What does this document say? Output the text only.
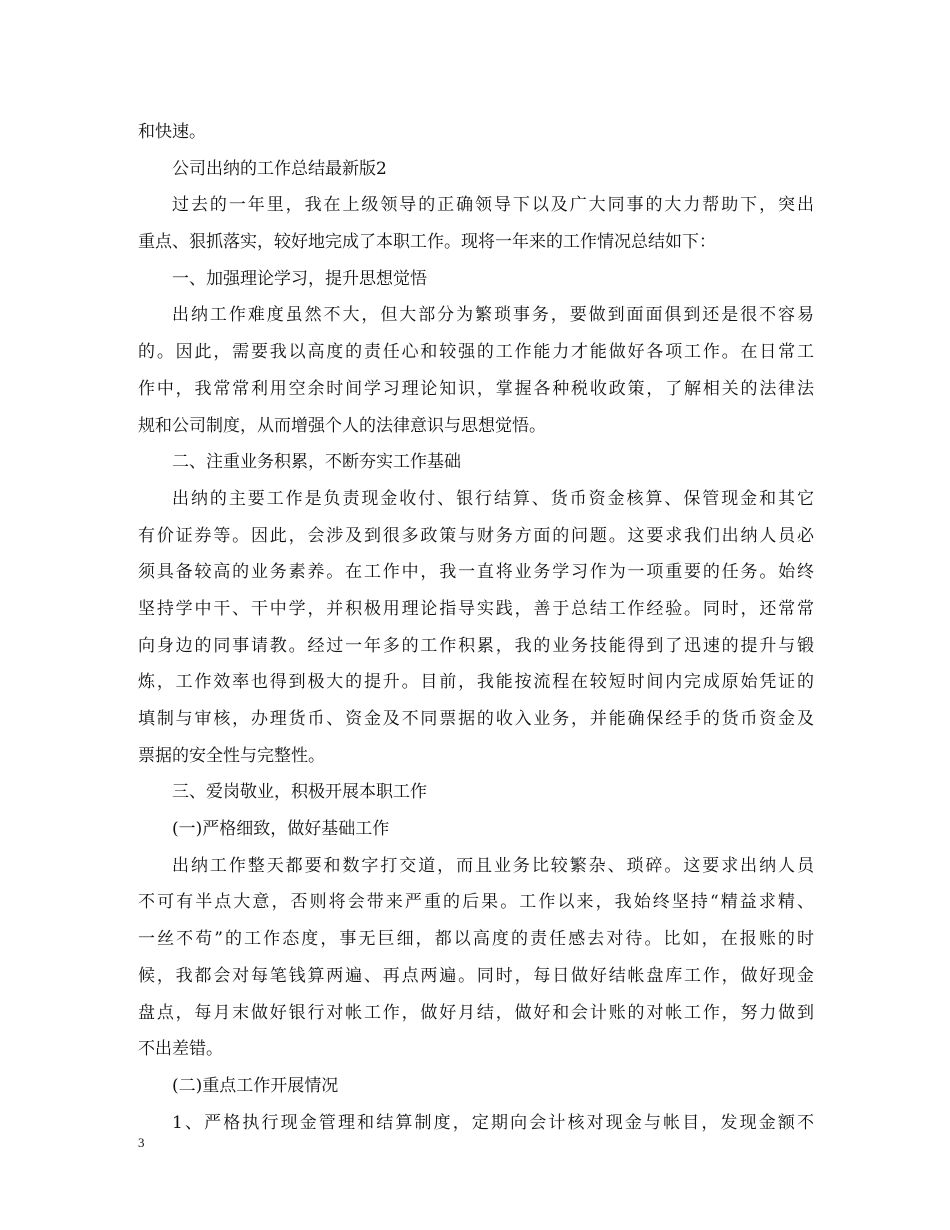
和快速。
公司出纳的工作总结最新版2
过去的一年里，我在上级领导的正确领导下以及广大同事的大力帮助下，突出
重点、狠抓落实，较好地完成了本职工作。现将一年来的工作情况总结如下：
一、加强理论学习，提升思想觉悟
出纳工作难度虽然不大，但大部分为繁琐事务，要做到面面俱到还是很不容易
的。因此，需要我以高度的责任心和较强的工作能力才能做好各项工作。在日常工
作中，我常常利用空余时间学习理论知识，掌握各种税收政策，了解相关的法律法
规和公司制度，从而增强个人的法律意识与思想觉悟。
二、注重业务积累，不断夯实工作基础
出纳的主要工作是负责现金收付、银行结算、货币资金核算、保管现金和其它
有价证券等。因此，会涉及到很多政策与财务方面的问题。这要求我们出纳人员必
须具备较高的业务素养。在工作中，我一直将业务学习作为一项重要的任务。始终
坚持学中干、干中学，并积极用理论指导实践，善于总结工作经验。同时，还常常
向身边的同事请教。经过一年多的工作积累，我的业务技能得到了迅速的提升与锻
炼，工作效率也得到极大的提升。目前，我能按流程在较短时间内完成原始凭证的
填制与审核，办理货币、资金及不同票据的收入业务，并能确保经手的货币资金及
票据的安全性与完整性。
三、爱岗敬业，积极开展本职工作
(一)严格细致，做好基础工作
出纳工作整天都要和数字打交道，而且业务比较繁杂、琐碎。这要求出纳人员
不可有半点大意，否则将会带来严重的后果。工作以来，我始终坚持“精益求精、
一丝不苟”的工作态度，事无巨细，都以高度的责任感去对待。比如，在报账的时
候，我都会对每笔钱算两遍、再点两遍。同时，每日做好结帐盘库工作，做好现金
盘点，每月末做好银行对帐工作，做好月结，做好和会计账的对帐工作，努力做到
不出差错。
(二)重点工作开展情况
1、严格执行现金管理和结算制度，定期向会计核对现金与帐目，发现金额不
3
